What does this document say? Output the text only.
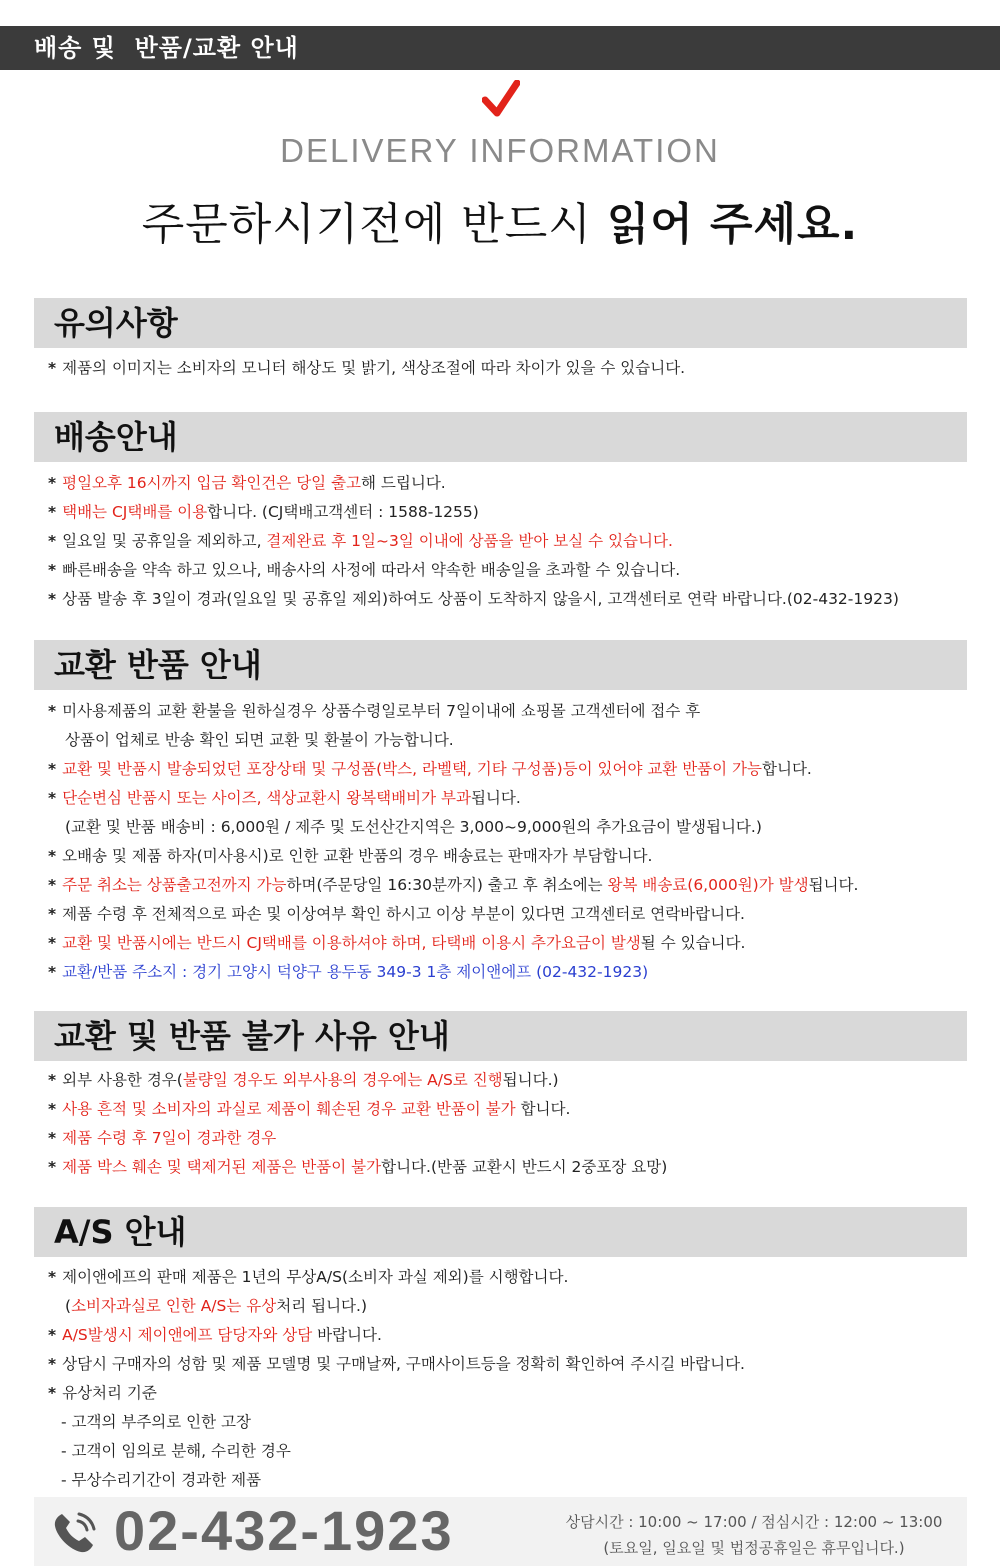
배송 및  반품/교환 안내
DELIVERY INFORMATION
주문하시기전에 반드시 읽어 주세요.
유의사항
* 제품의 이미지는 소비자의 모니터 해상도 및 밝기, 색상조절에 따라 차이가 있을 수 있습니다.
배송안내
* 평일오후 16시까지 입금 확인건은 당일 출고해 드립니다.
* 택배는 CJ택배를 이용합니다. (CJ택배고객센터 : 1588-1255)
* 일요일 및 공휴일을 제외하고, 결제완료 후 1일~3일 이내에 상품을 받아 보실 수 있습니다.
* 빠른배송을 약속 하고 있으나, 배송사의 사정에 따라서 약속한 배송일을 초과할 수 있습니다.
* 상품 발송 후 3일이 경과(일요일 및 공휴일 제외)하여도 상품이 도착하지 않을시, 고객센터로 연락 바랍니다.(02-432-1923)
교환 반품 안내
* 미사용제품의 교환 환불을 원하실경우 상품수령일로부터 7일이내에 쇼핑몰 고객센터에 접수 후
상품이 업체로 반송 확인 되면 교환 및 환불이 가능합니다.
* 교환 및 반품시 발송되었던 포장상태 및 구성품(박스, 라벨택, 기타 구성품)등이 있어야 교환 반품이 가능합니다.
* 단순변심 반품시 또는 사이즈, 색상교환시 왕복택배비가 부과됩니다.
(교환 및 반품 배송비 : 6,000원 / 제주 및 도선산간지역은 3,000~9,000원의 추가요금이 발생됩니다.)
* 오배송 및 제품 하자(미사용시)로 인한 교환 반품의 경우 배송료는 판매자가 부담합니다.
* 주문 취소는 상품출고전까지 가능하며(주문당일 16:30분까지) 출고 후 취소에는 왕복 배송료(6,000원)가 발생됩니다.
* 제품 수령 후 전체적으로 파손 및 이상여부 확인 하시고 이상 부분이 있다면 고객센터로 연락바랍니다.
* 교환 및 반품시에는 반드시 CJ택배를 이용하셔야 하며, 타택배 이용시 추가요금이 발생될 수 있습니다.
* 교환/반품 주소지 : 경기 고양시 덕양구 용두동 349-3 1층 제이앤에프 (02-432-1923)
교환 및 반품 불가 사유 안내
* 외부 사용한 경우(불량일 경우도 외부사용의 경우에는 A/S로 진행됩니다.)
* 사용 흔적 및 소비자의 과실로 제품이 훼손된 경우 교환 반품이 불가 합니다.
* 제품 수령 후 7일이 경과한 경우
* 제품 박스 훼손 및 택제거된 제품은 반품이 불가합니다.(반품 교환시 반드시 2중포장 요망)
A/S 안내
* 제이앤에프의 판매 제품은 1년의 무상A/S(소비자 과실 제외)를 시행합니다.
(소비자과실로 인한 A/S는 유상처리 됩니다.)
* A/S발생시 제이앤에프 담당자와 상담 바랍니다.
* 상담시 구매자의 성함 및 제품 모델명 및 구매날짜, 구매사이트등을 정확히 확인하여 주시길 바랍니다.
* 유상처리 기준
- 고객의 부주의로 인한 고장
- 고객이 임의로 분해, 수리한 경우
- 무상수리기간이 경과한 제품
02-432-1923	상담시간 : 10:00 ~ 17:00 / 점심시간 : 12:00 ~ 13:00
(토요일, 일요일 및 법정공휴일은 휴무입니다.)
